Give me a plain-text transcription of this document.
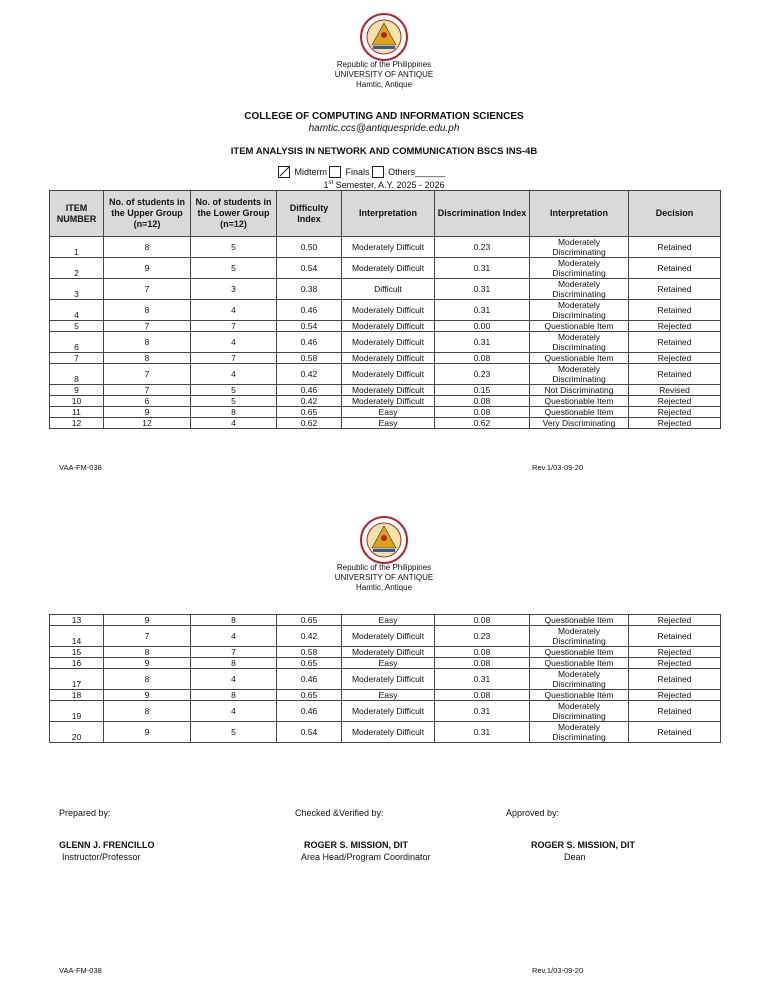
Republic of the Philippines
UNIVERSITY OF ANTIQUE
Hamtic, Antique
COLLEGE OF COMPUTING AND INFORMATION SCIENCES
hamtic.ccs@antiquespride.edu.ph
ITEM ANALYSIS IN NETWORK AND COMMUNICATION BSCS INS-4B
Midterm Finals Others______
1st Semester, A.Y. 2025 - 2026
ITEM NUMBER	No. of students in the Upper Group (n=12)	No. of students in the Lower Group (n=12)	Difficulty Index	Interpretation	Discrimination Index	Interpretation	Decision
1	8	5	0.50	Moderately Difficult	0.23	Moderately Discriminating	Retained
2	9	5	0.54	Moderately Difficult	0.31	Moderately Discriminating	Retained
3	7	3	0.38	Difficult	0.31	Moderately Discriminating	Retained
4	8	4	0.46	Moderately Difficult	0.31	Moderately Discriminating	Retained
5	7	7	0.54	Moderately Difficult	0.00	Questionable Item	Rejected
6	8	4	0.46	Moderately Difficult	0.31	Moderately Discriminating	Retained
7	8	7	0.58	Moderately Difficult	0.08	Questionable Item	Rejected
8	7	4	0.42	Moderately Difficult	0.23	Moderately Discriminating	Retained
9	7	5	0.46	Moderately Difficult	0.15	Not Discriminating	Revised
10	6	5	0.42	Moderately Difficult	0.08	Questionable Item	Rejected
11	9	8	0.65	Easy	0.08	Questionable Item	Rejected
12	12	4	0.62	Easy	0.62	Very Discriminating	Rejected
VAA-FM-038	Rev.1/03-09-20
Republic of the Philippines
UNIVERSITY OF ANTIQUE
Hamtic, Antique
13	9	8	0.65	Easy	0.08	Questionable Item	Rejected
14	7	4	0.42	Moderately Difficult	0.23	Moderately Discriminating	Retained
15	8	7	0.58	Moderately Difficult	0.08	Questionable Item	Rejected
16	9	8	0.65	Easy	0.08	Questionable Item	Rejected
17	8	4	0.46	Moderately Difficult	0.31	Moderately Discriminating	Retained
18	9	8	0.65	Easy	0.08	Questionable Item	Rejected
19	8	4	0.46	Moderately Difficult	0.31	Moderately Discriminating	Retained
20	9	5	0.54	Moderately Difficult	0.31	Moderately Discriminating	Retained
Prepared by:	Checked &Verified by:	Approved by:
GLENN J. FRENCILLO
Instructor/Professor
ROGER S. MISSION, DIT
Area Head/Program Coordinator
ROGER S. MISSION, DIT
Dean
VAA-FM-038	Rev.1/03-09-20
